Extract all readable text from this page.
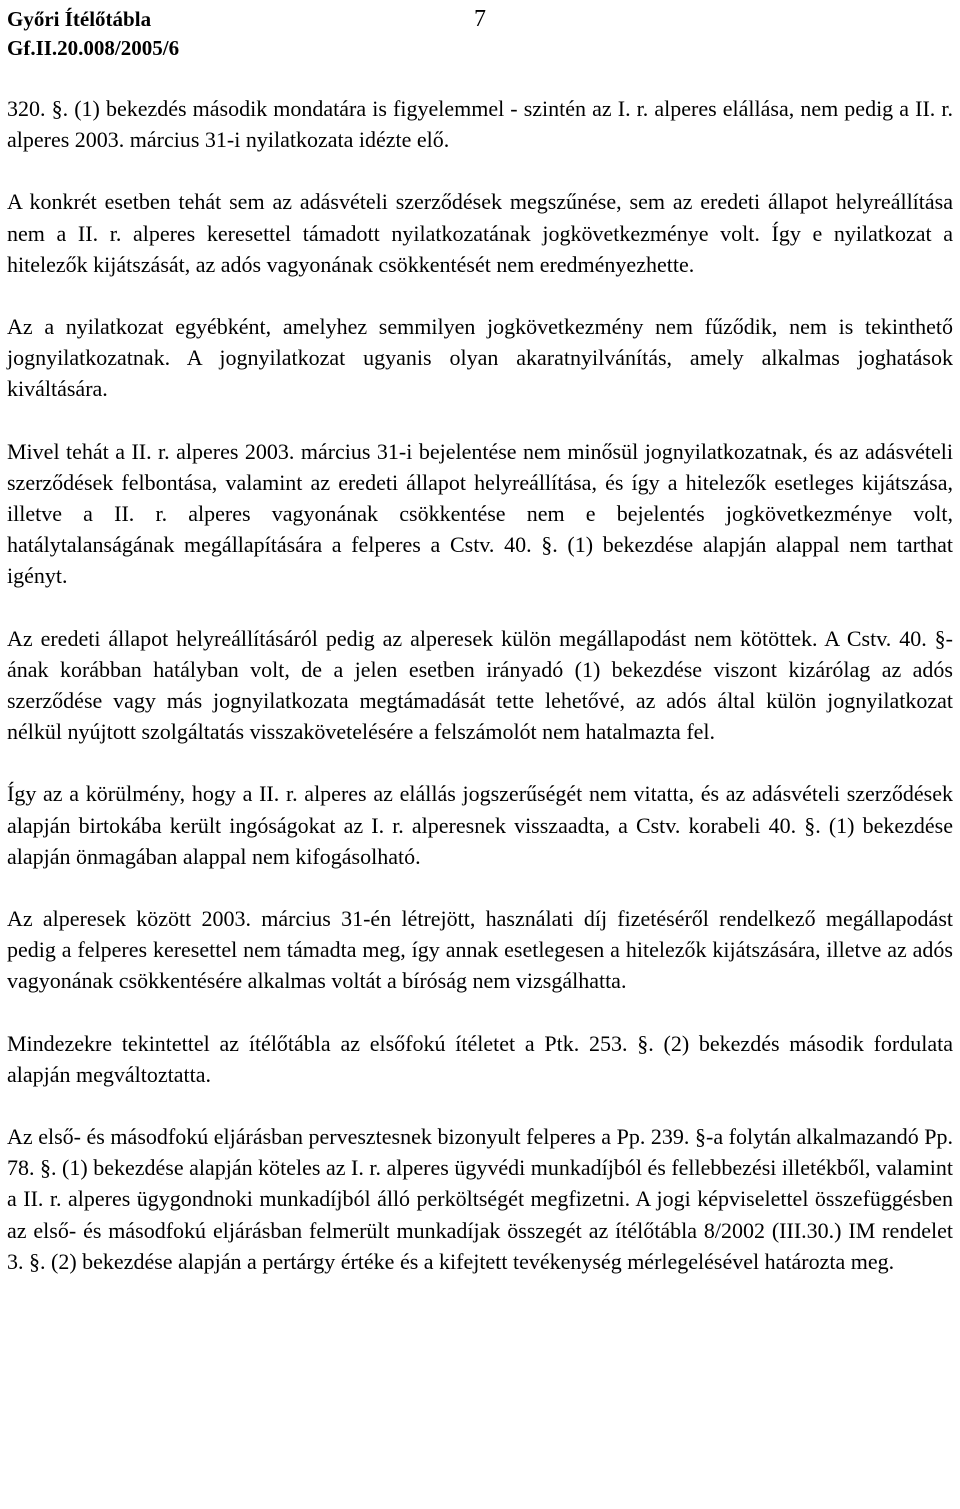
Győri Ítélőtábla
Gf.II.20.008/2005/6
7

320. §. (1) bekezdés második mondatára is figyelemmel - szintén az I. r. alperes elállása, nem pedig a II. r. alperes 2003. március 31-i nyilatkozata idézte elő.

A konkrét esetben tehát sem az adásvételi szerződések megszűnése, sem az eredeti állapot helyreállítása nem a II. r. alperes keresettel támadott nyilatkozatának jogkövetkezménye volt. Így e nyilatkozat a hitelezők kijátszását, az adós vagyonának csökkentését nem eredményezhette.

Az a nyilatkozat egyébként, amelyhez semmilyen jogkövetkezmény nem fűződik, nem is tekinthető jognyilatkozatnak. A jognyilatkozat ugyanis olyan akaratnyilvánítás, amely alkalmas joghatások kiváltására.

Mivel tehát a II. r. alperes 2003. március 31-i bejelentése nem minősül jognyilatkozatnak, és az adásvételi szerződések felbontása, valamint az eredeti állapot helyreállítása, és így a hitelezők esetleges kijátszása, illetve a II. r. alperes vagyonának csökkentése nem e bejelentés jogkövetkezménye volt, hatálytalanságának megállapítására a felperes a Cstv. 40. §. (1) bekezdése alapján alappal nem tarthat igényt.

Az eredeti állapot helyreállításáról pedig az alperesek külön megállapodást nem kötöttek. A Cstv. 40. §-ának korábban hatályban volt, de a jelen esetben irányadó (1) bekezdése viszont kizárólag az adós szerződése vagy más jognyilatkozata megtámadását tette lehetővé, az adós által külön jognyilatkozat nélkül nyújtott szolgáltatás visszakövetelésére a felszámolót nem hatalmazta fel.

Így az a körülmény, hogy a II. r. alperes az elállás jogszerűségét nem vitatta, és az adásvételi szerződések alapján birtokába került ingóságokat az I. r. alperesnek visszaadta, a Cstv. korabeli 40. §. (1) bekezdése alapján önmagában alappal nem kifogásolható.

Az alperesek között 2003. március 31-én létrejött, használati díj fizetéséről rendelkező megállapodást pedig a felperes keresettel nem támadta meg, így annak esetlegesen a hitelezők kijátszására, illetve az adós vagyonának csökkentésére alkalmas voltát a bíróság nem vizsgálhatta.

Mindezekre tekintettel az ítélőtábla az elsőfokú ítéletet a Ptk. 253. §. (2) bekezdés második fordulata alapján megváltoztatta.

Az első- és másodfokú eljárásban pervesztesnek bizonyult felperes a Pp. 239. §-a folytán alkalmazandó Pp. 78. §. (1) bekezdése alapján köteles az I. r. alperes ügyvédi munkadíjból és fellebbezési illetékből, valamint a II. r. alperes ügygondnoki munkadíjból álló perköltségét megfizetni. A jogi képviselettel összefüggésben az első- és másodfokú eljárásban felmerült munkadíjak összegét az ítélőtábla 8/2002 (III.30.) IM rendelet 3. §. (2) bekezdése alapján a pertárgy értéke és a kifejtett tevékenység mérlegelésével határozta meg.
